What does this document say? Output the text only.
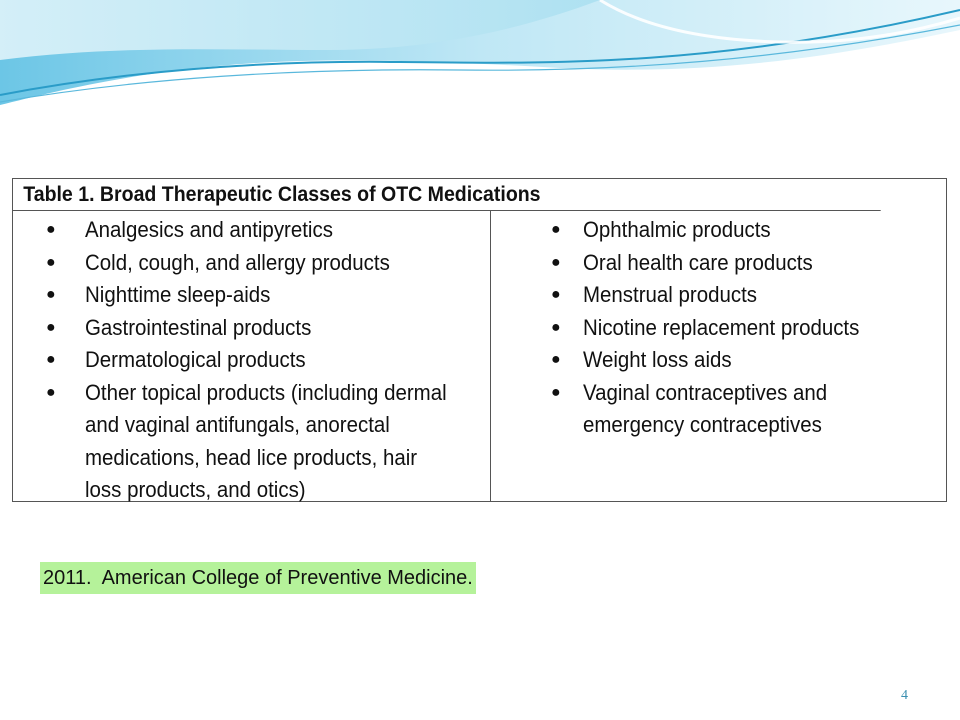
Table 1. Broad Therapeutic Classes of OTC Medications
● Analgesics and antipyretics
● Cold, cough, and allergy products
● Nighttime sleep-aids
● Gastrointestinal products
● Dermatological products
● Other topical products (including dermal and vaginal antifungals, anorectal medications, head lice products, hair loss products, and otics)
● Ophthalmic products
● Oral health care products
● Menstrual products
● Nicotine replacement products
● Weight loss aids
● Vaginal contraceptives and emergency contraceptives
2011.  American College of Preventive Medicine.
4
